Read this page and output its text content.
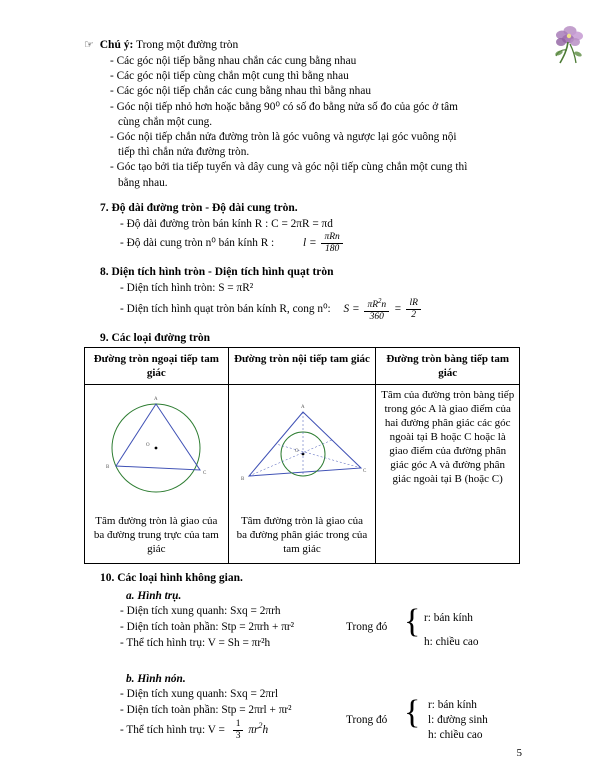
☞ Chú ý: Trong một đường tròn
- Các góc nội tiếp bằng nhau chắn các cung bằng nhau
- Các góc nội tiếp cùng chắn một cung thì bằng nhau
- Các góc nội tiếp chắn các cung bằng nhau thì bằng nhau
- Góc nội tiếp nhỏ hơn hoặc bằng 90⁰ có số đo bằng nửa số đo của góc ở tâm
cùng chắn một cung.
- Góc nội tiếp chắn nửa đường tròn là góc vuông và ngược lại góc vuông nội
tiếp thì chắn nửa đường tròn.
- Góc tạo bởi tia tiếp tuyến và dây cung và góc nội tiếp cùng chắn một cung thì
bằng nhau.
7. Độ dài đường tròn - Độ dài cung tròn.
- Độ dài đường tròn bán kính R : C = 2πR = πd
- Độ dài cung tròn n⁰ bán kính R :	$l = \frac{\text{πRn}}{180}$
8. Diện tích hình tròn - Diện tích hình quạt tròn
- Diện tích hình tròn: S = πR²
- Diện tích hình quạt tròn bán kính R, cong n⁰: $S = \frac{\pi R^2n}{360} = \frac{lR}{2}$
9. Các loại đường tròn
Đường tròn ngoại tiếp tam giác	Đường tròn nội tiếp tam giác	Đường tròn bàng tiếp tam giác

A
B
C
O
Tâm đường tròn là giao của ba đường trung trực của tam giác	A
B
C
O
Tâm đường tròn là giao của ba đường phân giác trong của tam giác	Tâm của đường tròn bàng tiếp trong góc A là giao điểm của hai đường phân giác các góc ngoài tại B hoặc C hoặc là giao điểm của đường phân giác góc A và đường phân giác ngoài tại B (hoặc C)
10. Các loại hình không gian.
a. Hình trụ.
- Diện tích xung quanh: Sxq = 2πrh
- Diện tích toàn phần: Stp = 2πrh + πr²
- Thể tích hình trụ: V = Sh = πr²h
Trong đó { r: bán kính
h: chiều cao
b. Hình nón.
- Diện tích xung quanh: Sxq = 2πrl
- Diện tích toàn phần: Stp = 2πrl + πr²
- Thể tích hình trụ: $V = \frac{1}{3} \pi r^2h$
Trong đó { r: bán kính
l: đường sinh
h: chiều cao
5
